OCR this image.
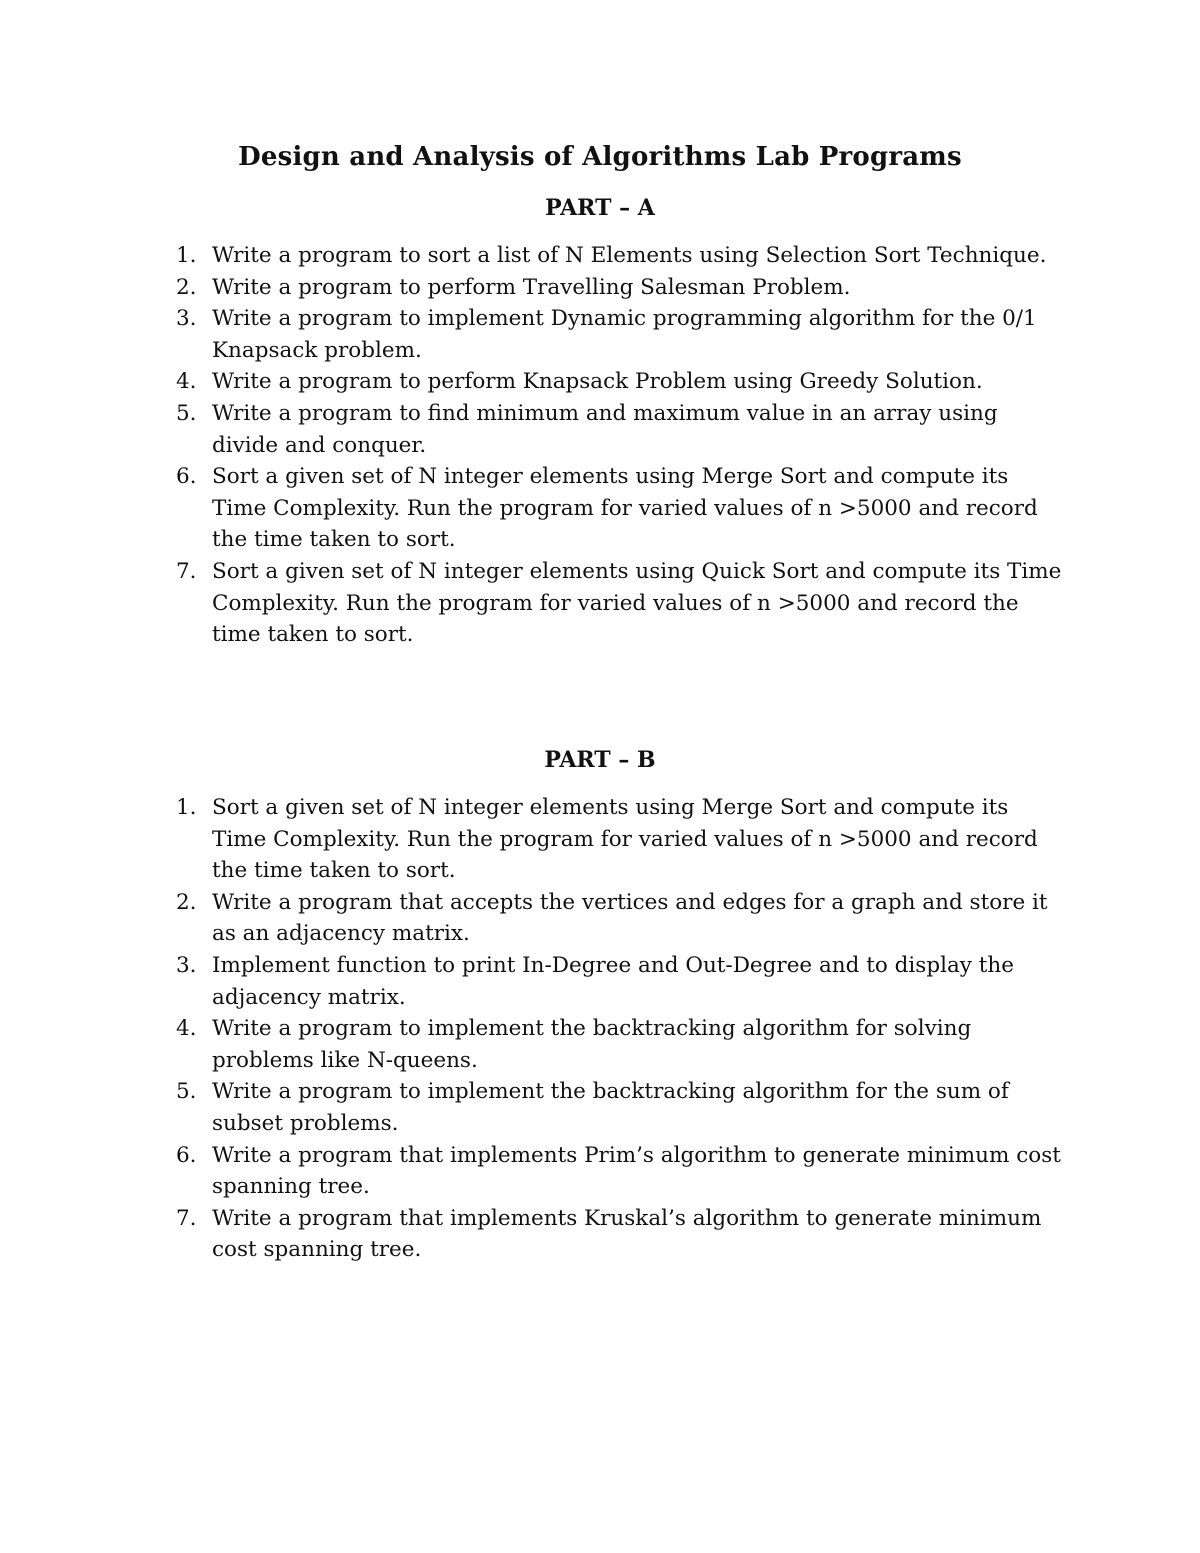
Design and Analysis of Algorithms Lab Programs
PART – A
1. Write a program to sort a list of N Elements using Selection Sort Technique.
2. Write a program to perform Travelling Salesman Problem.
3. Write a program to implement Dynamic programming algorithm for the 0/1 Knapsack problem.
4. Write a program to perform Knapsack Problem using Greedy Solution.
5. Write a program to find minimum and maximum value in an array using divide and conquer.
6. Sort a given set of N integer elements using Merge Sort and compute its Time Complexity. Run the program for varied values of n >5000 and record the time taken to sort.
7. Sort a given set of N integer elements using Quick Sort and compute its Time Complexity. Run the program for varied values of n >5000 and record the time taken to sort.
PART – B
1. Sort a given set of N integer elements using Merge Sort and compute its Time Complexity. Run the program for varied values of n >5000 and record the time taken to sort.
2. Write a program that accepts the vertices and edges for a graph and store it as an adjacency matrix.
3. Implement function to print In-Degree and Out-Degree and to display the adjacency matrix.
4. Write a program to implement the backtracking algorithm for solving problems like N-queens.
5. Write a program to implement the backtracking algorithm for the sum of subset problems.
6. Write a program that implements Prim’s algorithm to generate minimum cost spanning tree.
7. Write a program that implements Kruskal’s algorithm to generate minimum cost spanning tree.
